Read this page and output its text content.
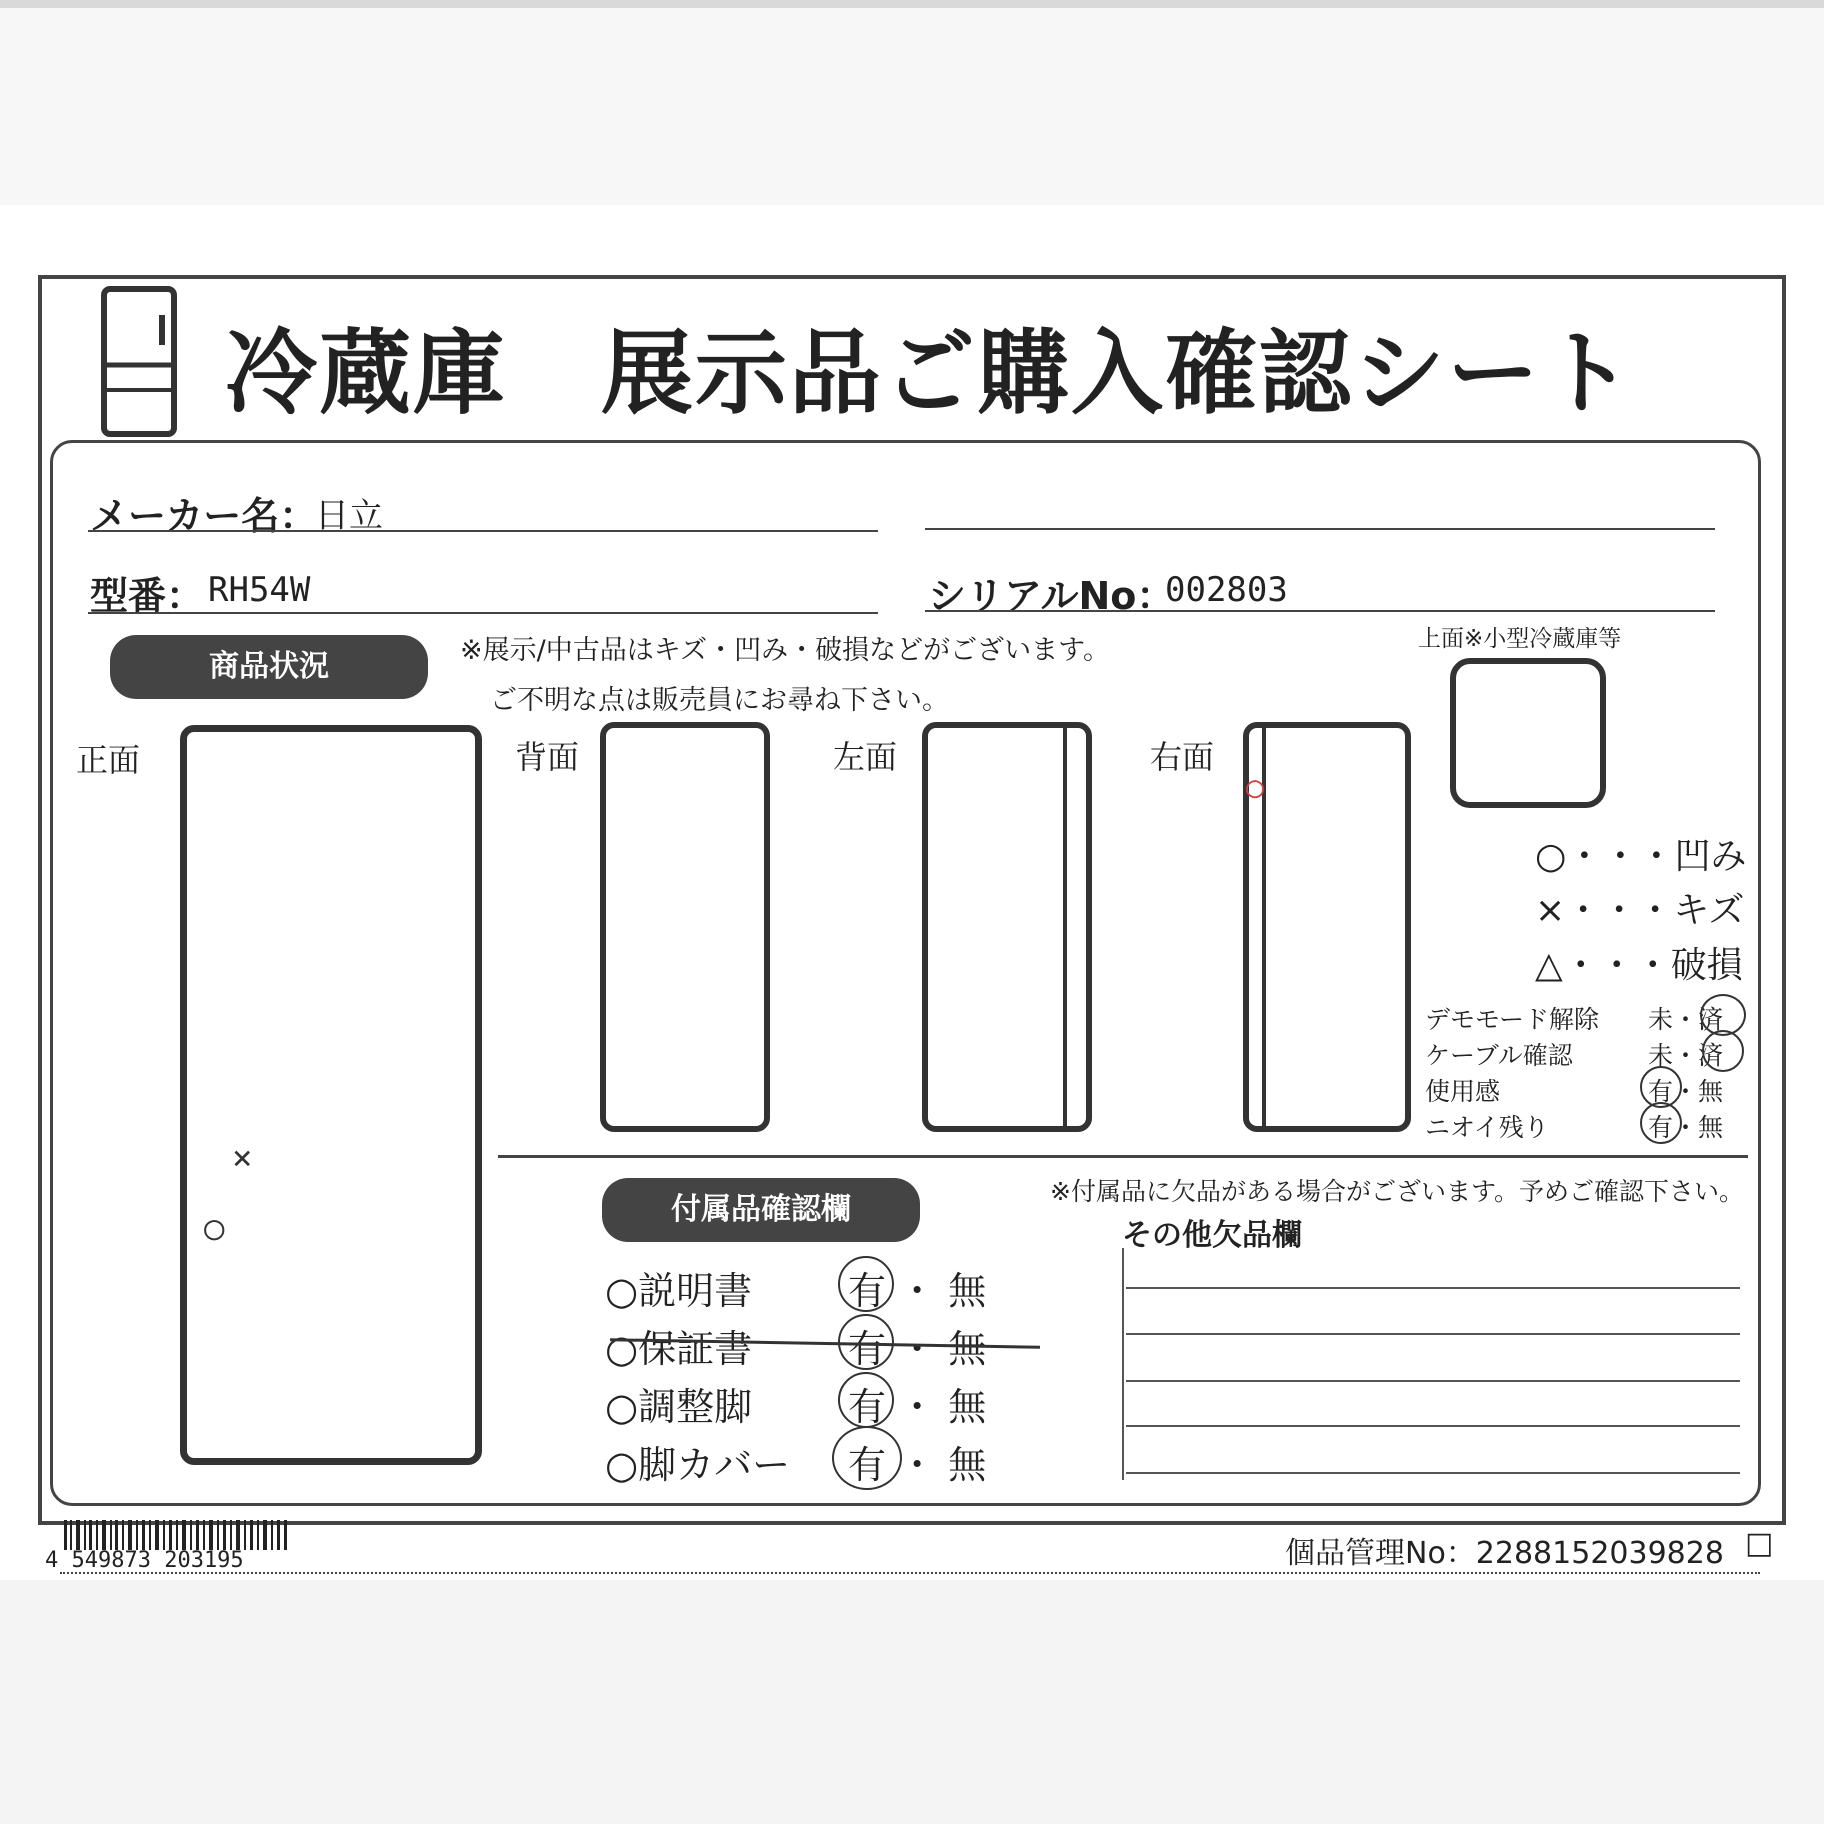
冷蔵庫　展示品ご購入確認シート
メーカー名：
日立
型番： RH54W	シリアルNo：
002803
商品状況	※展示/中古品はキズ・凹み・破損などがございます。
ご不明な点は販売員にお尋ね下さい。
正面	背面	左面	右面
上面※小型冷蔵庫等
×
○
○
○・・・凹み
×・・・キズ
△・・・破損
デモモード解除 未・済
ケーブル確認	未・済
使用感	有・無
ニオイ残り	有・無
付属品確認欄
※付属品に欠品がある場合がございます。予めご確認下さい。
その他欠品欄
○説明書	有 ・ 無
○保証書	有 ・ 無
○調整脚	有 ・ 無
○脚カバー 有 ・ 無
4 549873 203195	個品管理No：2288152039828 □
